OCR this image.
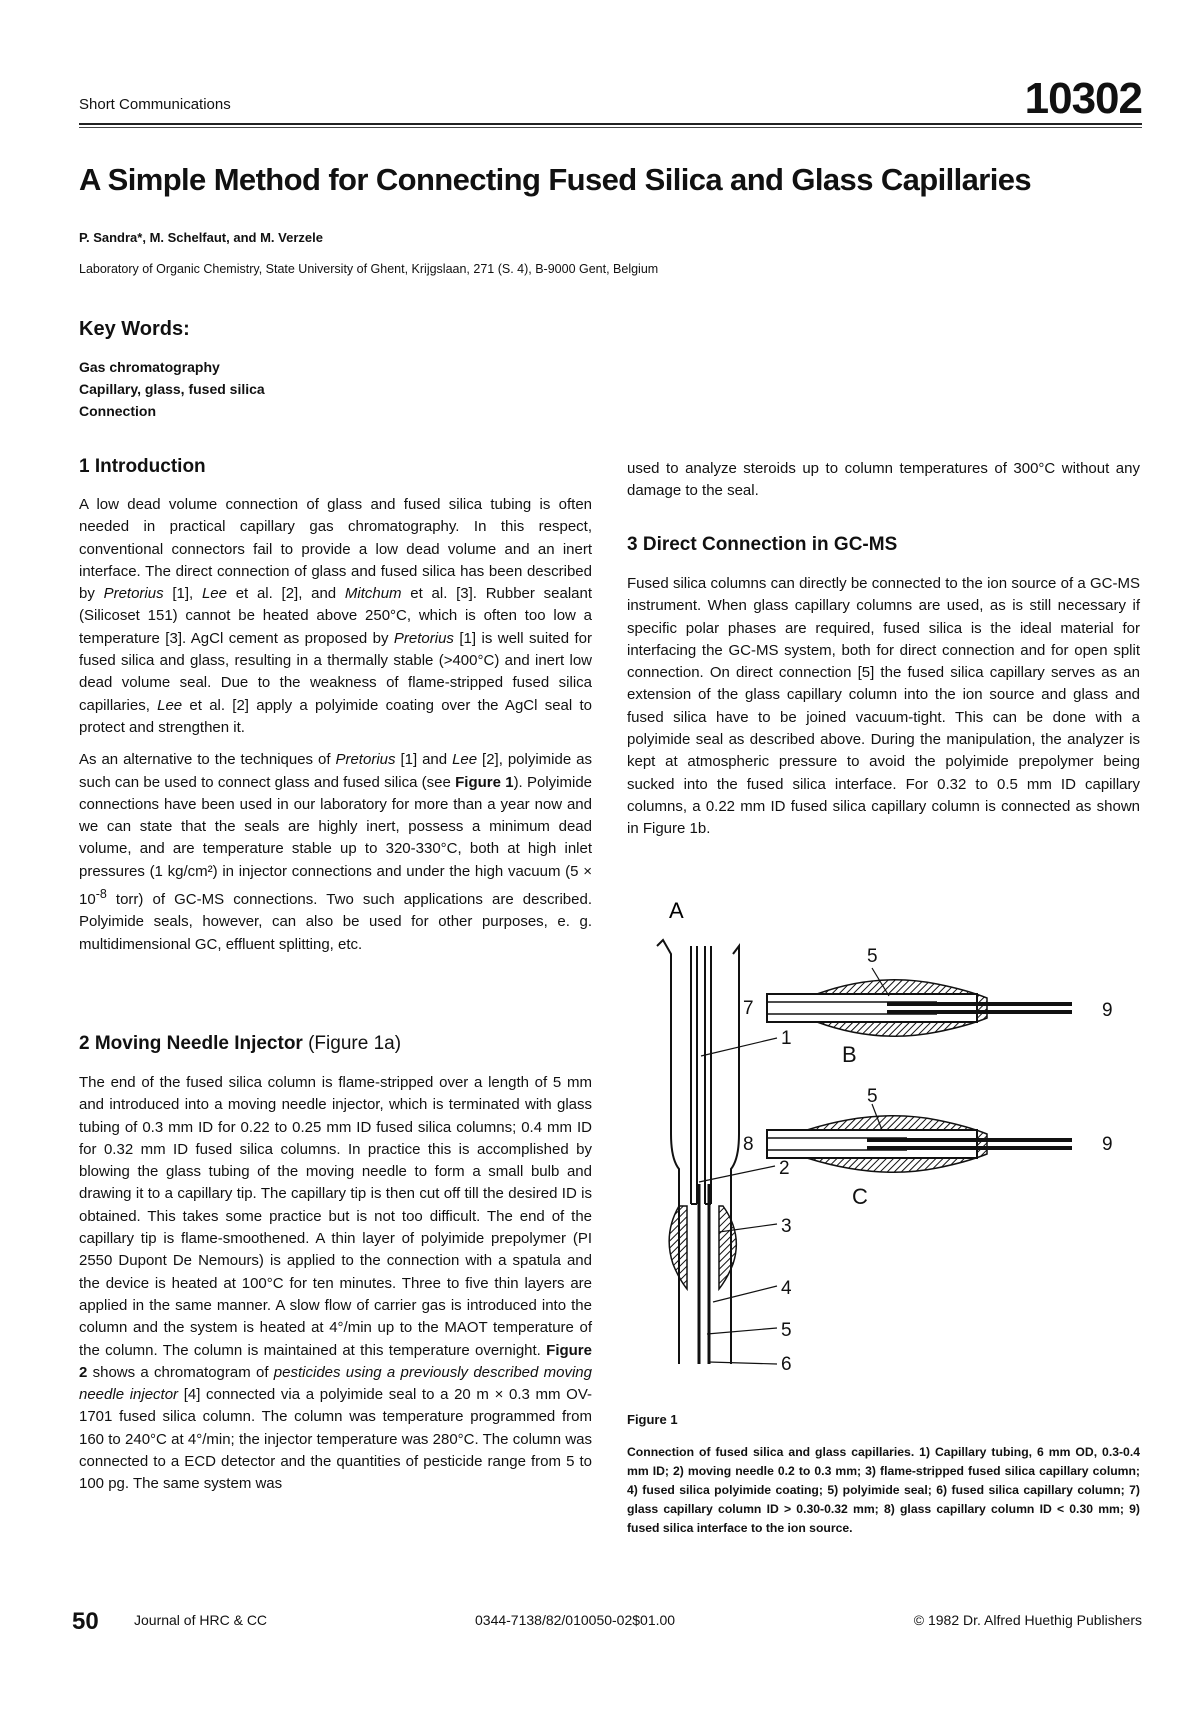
Short Communications	10302
A Simple Method for Connecting Fused Silica and Glass Capillaries
P. Sandra*, M. Schelfaut, and M. Verzele
Laboratory of Organic Chemistry, State University of Ghent, Krijgslaan, 271 (S. 4), B-9000 Gent, Belgium
Key Words:
Gas chromatography
Capillary, glass, fused silica
Connection
1 Introduction

A low dead volume connection of glass and fused silica tubing is often needed in practical capillary gas chromatography. In this respect, conventional connectors fail to provide a low dead volume and an inert interface. The direct connection of glass and fused silica has been described by Pretorius [1], Lee et al. [2], and Mitchum et al. [3]. Rubber sealant (Silicoset 151) cannot be heated above 250°C, which is often too low a temperature [3]. AgCl cement as proposed by Pretorius [1] is well suited for fused silica and glass, resulting in a thermally stable (>400°C) and inert low dead volume seal. Due to the weakness of flame-stripped fused silica capillaries, Lee et al. [2] apply a polyimide coating over the AgCl seal to protect and strengthen it.

As an alternative to the techniques of Pretorius [1] and Lee [2], polyimide as such can be used to connect glass and fused silica (see Figure 1). Polyimide connections have been used in our laboratory for more than a year now and we can state that the seals are highly inert, possess a minimum dead volume, and are temperature stable up to 320-330°C, both at high inlet pressures (1 kg/cm²) in injector connections and under the high vacuum ($5 \times 10^{-8}$ torr) of GC-MS connections. Two such applications are described. Polyimide seals, however, can also be used for other purposes, e. g. multidimensional GC, effluent splitting, etc.

2 Moving Needle Injector (Figure 1a)

The end of the fused silica column is flame-stripped over a length of 5 mm and introduced into a moving needle injector, which is terminated with glass tubing of 0.3 mm ID for 0.22 to 0.25 mm ID fused silica columns; 0.4 mm ID for 0.32 mm ID fused silica columns. In practice this is accomplished by blowing the glass tubing of the moving needle to form a small bulb and drawing it to a capillary tip. The capillary tip is then cut off till the desired ID is obtained. This takes some practice but is not too difficult. The end of the capillary tip is flame-smoothened. A thin layer of polyimide prepolymer (PI 2550 Dupont De Nemours) is applied to the connection with a spatula and the device is heated at 100°C for ten minutes. Three to five thin layers are applied in the same manner. A slow flow of carrier gas is introduced into the column and the system is heated at 4°/min up to the MAOT temperature of the column. The column is maintained at this temperature overnight. Figure 2 shows a chromatogram of pesticides using a previously described moving needle injector [4] connected via a polyimide seal to a 20 m × 0.3 mm OV-1701 fused silica column. The column was temperature programmed from 160 to 240°C at 4°/min; the injector temperature was 280°C. The column was connected to a ECD detector and the quantities of pesticide range from 5 to 100 pg. The same system was

used to analyze steroids up to column temperatures of 300°C without any damage to the seal.

3 Direct Connection in GC-MS

Fused silica columns can directly be connected to the ion source of a GC-MS instrument. When glass capillary columns are used, as is still necessary if specific polar phases are required, fused silica is the ideal material for interfacing the GC-MS system, both for direct connection and for open split connection. On direct connection [5] the fused silica capillary serves as an extension of the glass capillary column into the ion source and glass and fused silica have to be joined vacuum-tight. This can be done with a polyimide seal as described above. During the manipulation, the analyzer is kept at atmospheric pressure to avoid the polyimide prepolymer being sucked into the fused silica interface. For 0.32 to 0.5 mm ID capillary columns, a 0.22 mm ID fused silica capillary column is connected as shown in Figure 1b.

A
1
2
3
4
5
6
5
7	9
B
5
8	9
C
Figure 1
Connection of fused silica and glass capillaries. 1) Capillary tubing, 6 mm OD, 0.3-0.4 mm ID; 2) moving needle 0.2 to 0.3 mm; 3) flame-stripped fused silica capillary column; 4) fused silica polyimide coating; 5) polyimide seal; 6) fused silica capillary column; 7) glass capillary column ID > 0.30-0.32 mm; 8) glass capillary column ID < 0.30 mm; 9) fused silica interface to the ion source.
50	Journal of HRC & CC	0344-7138/82/010050-02$01.00	© 1982 Dr. Alfred Huethig Publishers
